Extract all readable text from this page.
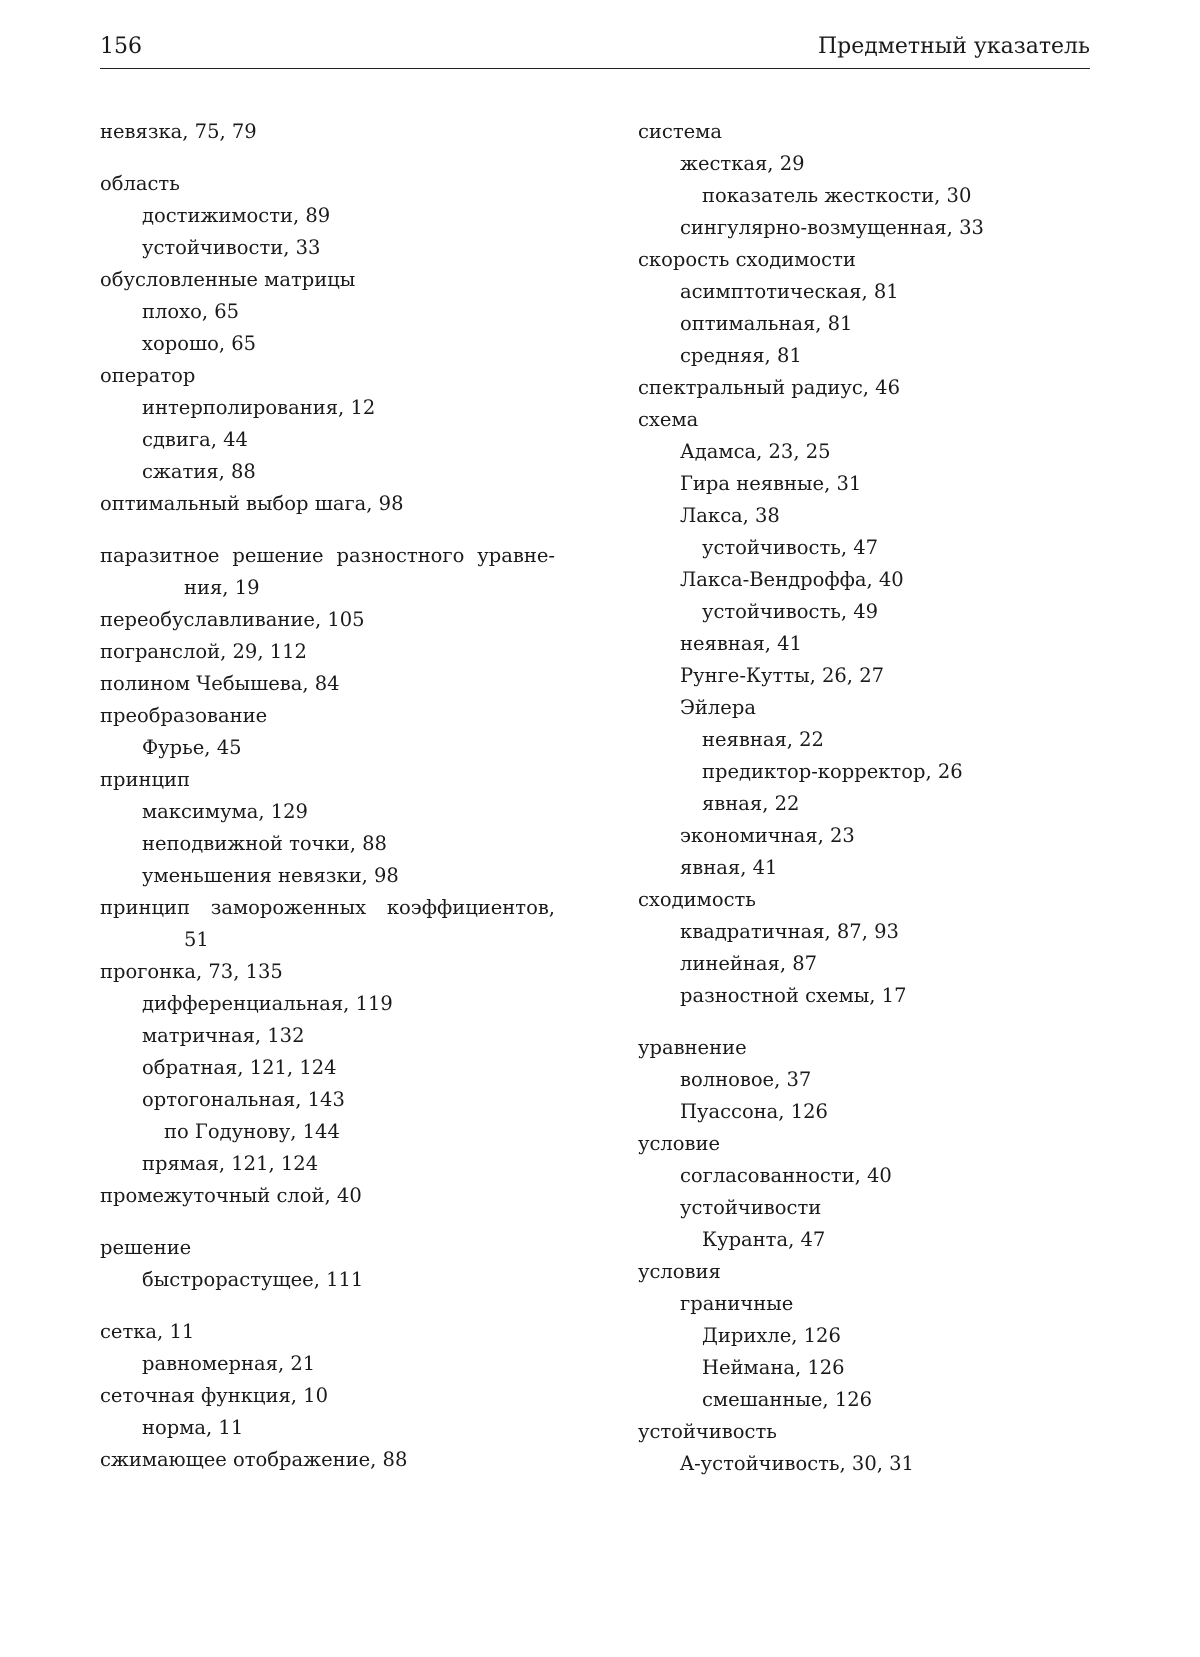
156	Предметный указатель
невязка, 75, 79
область
достижимости, 89
устойчивости, 33
обусловленные матрицы
плохо, 65
хорошо, 65
оператор
интерполирования, 12
сдвига, 44
сжатия, 88
оптимальный выбор шага, 98
паразитное решение разностного уравне-
ния, 19
переобуславливание, 105
погранслой, 29, 112
полином Чебышева, 84
преобразование
Фурье, 45
принцип
максимума, 129
неподвижной точки, 88
уменьшения невязки, 98
принцип замороженных коэффициентов,
51
прогонка, 73, 135
дифференциальная, 119
матричная, 132
обратная, 121, 124
ортогональная, 143
по Годунову, 144
прямая, 121, 124
промежуточный слой, 40
решение
быстрорастущее, 111
сетка, 11
равномерная, 21
сеточная функция, 10
норма, 11
сжимающее отображение, 88
система
жесткая, 29
показатель жесткости, 30
сингулярно-возмущенная, 33
скорость сходимости
асимптотическая, 81
оптимальная, 81
средняя, 81
спектральный радиус, 46
схема
Адамса, 23, 25
Гира неявные, 31
Лакса, 38
устойчивость, 47
Лакса-Вендроффа, 40
устойчивость, 49
неявная, 41
Рунге-Кутты, 26, 27
Эйлера
неявная, 22
предиктор-корректор, 26
явная, 22
экономичная, 23
явная, 41
сходимость
квадратичная, 87, 93
линейная, 87
разностной схемы, 17
уравнение
волновое, 37
Пуассона, 126
условие
согласованности, 40
устойчивости
Куранта, 47
условия
граничные
Дирихле, 126
Неймана, 126
смешанные, 126
устойчивость
A-устойчивость, 30, 31
